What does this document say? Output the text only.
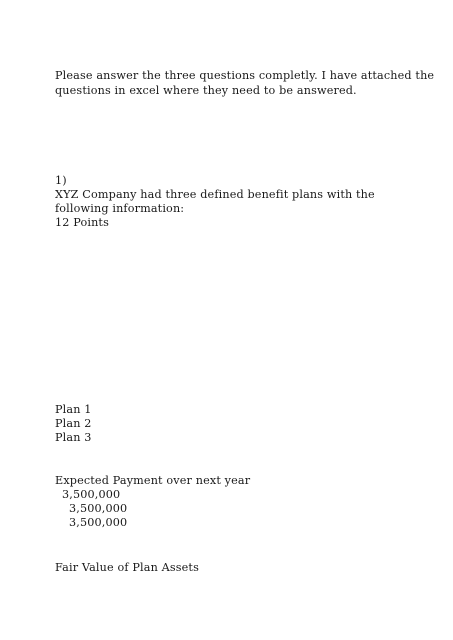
Please answer the three questions completly. I have attached the
questions in excel where they need to be answered.
1)
XYZ Company had three defined benefit plans with the
following information:
12 Points
Plan 1
Plan 2
Plan 3
Expected Payment over next year
3,500,000
3,500,000
3,500,000
Fair Value of Plan Assets
